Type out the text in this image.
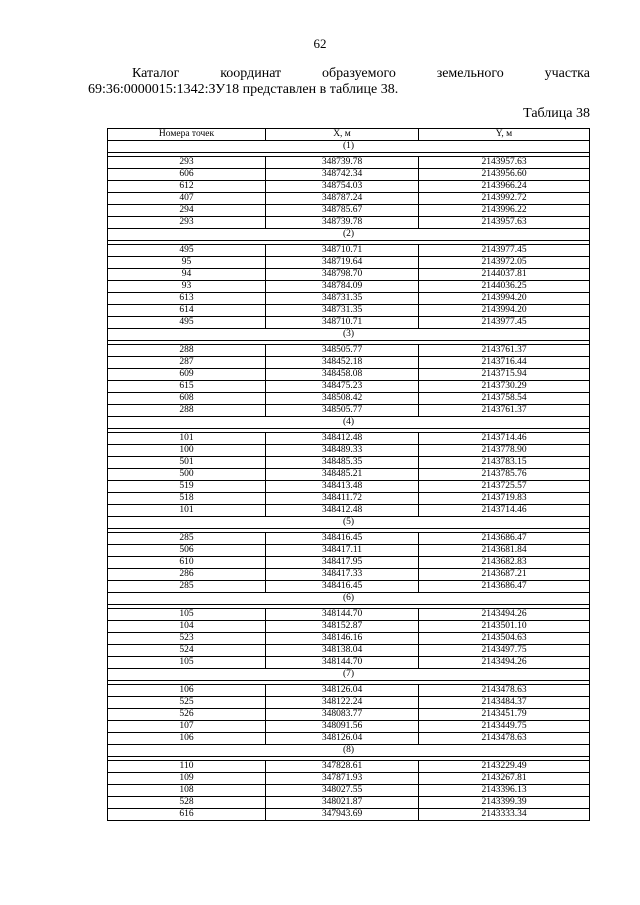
62
Каталог	координат	образуемого	земельного	участка
69:36:0000015:1342:ЗУ18 представлен в таблице 38.
Таблица 38
Номера точек	X, м	Y, м
(1)		

293	348739.78	2143957.63
606	348742.34	2143956.60
612	348754.03	2143966.24
407	348787.24	2143992.72
294	348785.67	2143996.22
293	348739.78	2143957.63
(2)		

495	348710.71	2143977.45
95	348719.64	2143972.05
94	348798.70	2144037.81
93	348784.09	2144036.25
613	348731.35	2143994.20
614	348731.35	2143994.20
495	348710.71	2143977.45
(3)		

288	348505.77	2143761.37
287	348452.18	2143716.44
609	348458.08	2143715.94
615	348475.23	2143730.29
608	348508.42	2143758.54
288	348505.77	2143761.37
(4)		

101	348412.48	2143714.46
100	348489.33	2143778.90
501	348485.35	2143783.15
500	348485.21	2143785.76
519	348413.48	2143725.57
518	348411.72	2143719.83
101	348412.48	2143714.46
(5)		

285	348416.45	2143686.47
506	348417.11	2143681.84
610	348417.95	2143682.83
286	348417.33	2143687.21
285	348416.45	2143686.47
(6)		

105	348144.70	2143494.26
104	348152.87	2143501.10
523	348146.16	2143504.63
524	348138.04	2143497.75
105	348144.70	2143494.26
(7)		

106	348126.04	2143478.63
525	348122.24	2143484.37
526	348083.77	2143451.79
107	348091.56	2143449.75
106	348126.04	2143478.63
(8)		

110	347828.61	2143229.49
109	347871.93	2143267.81
108	348027.55	2143396.13
528	348021.87	2143399.39
616	347943.69	2143333.34
